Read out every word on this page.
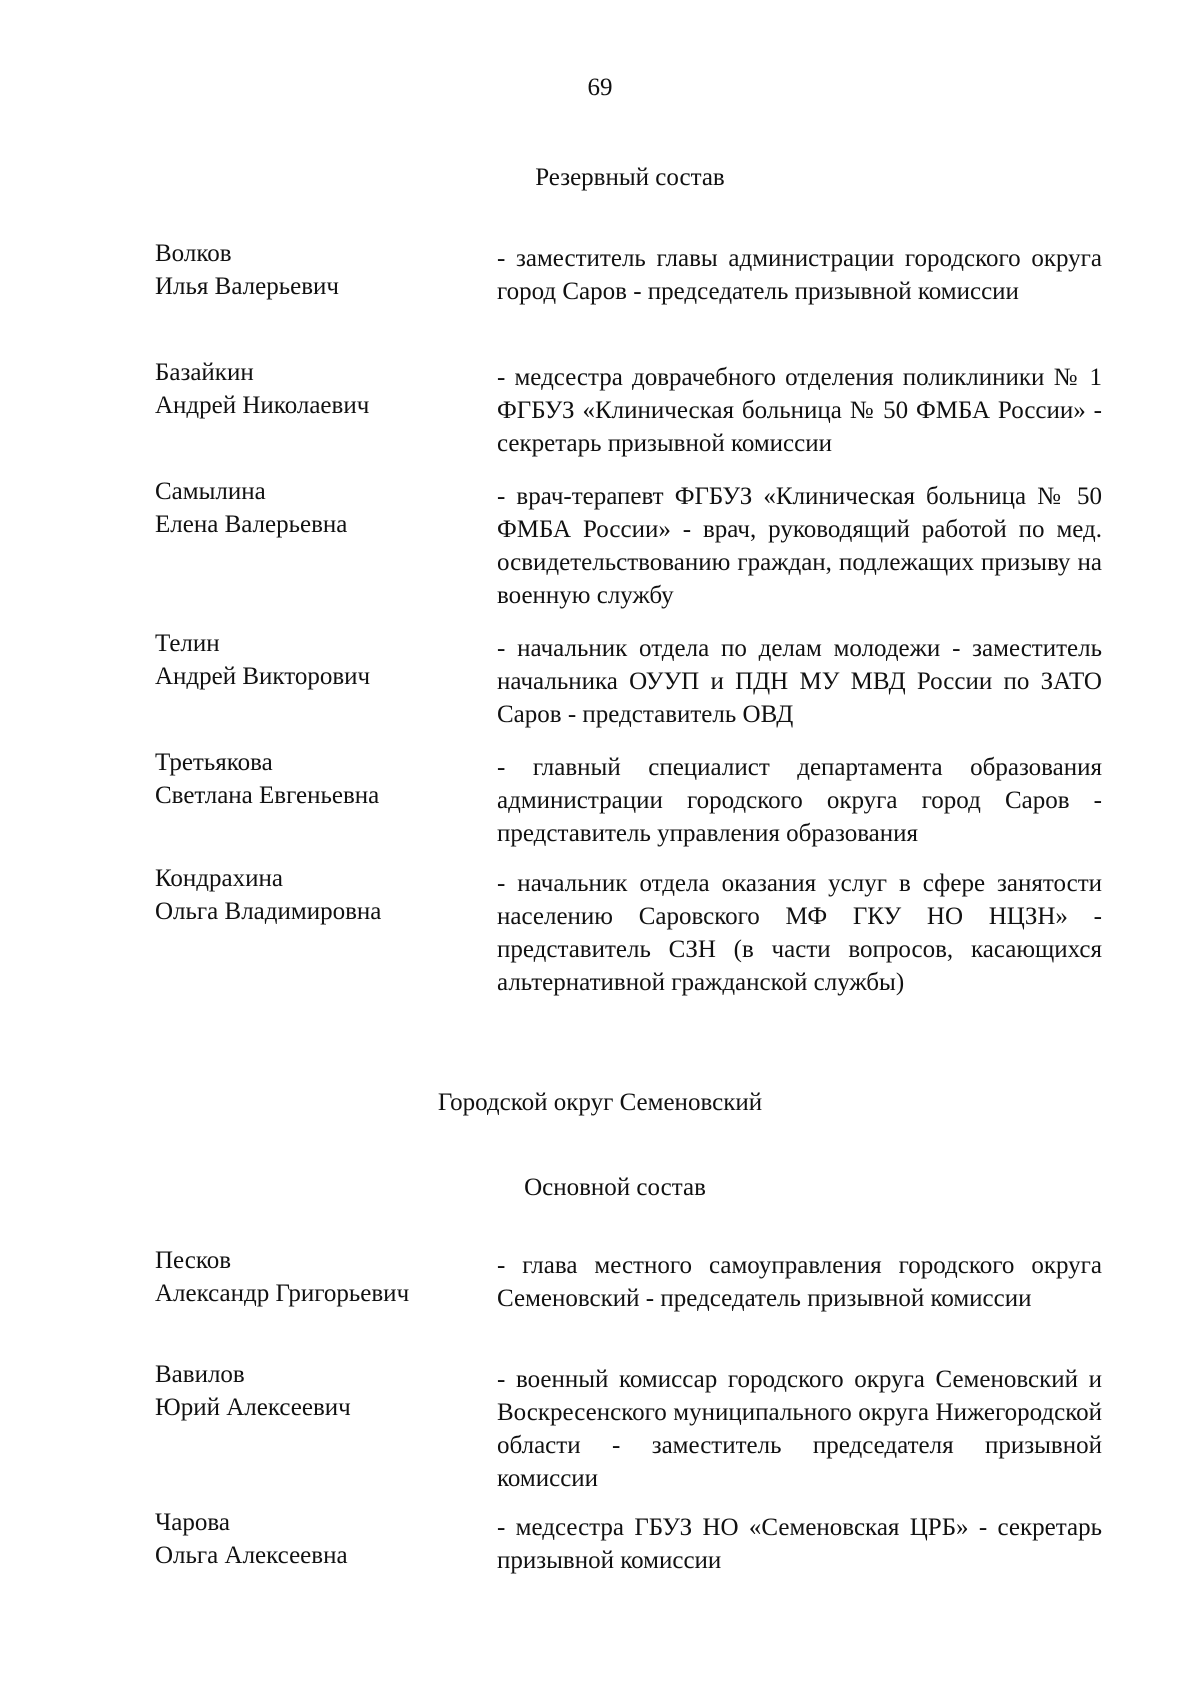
69
Резервный состав
Волков
Илья Валерьевич
- заместитель главы администрации городского округа город Саров - председатель призывной комиссии
Базайкин
Андрей Николаевич
- медсестра доврачебного отделения поликлиники № 1 ФГБУЗ «Клиническая больница № 50 ФМБА России» - секретарь призывной комиссии
Самылина
Елена Валерьевна
- врач-терапевт ФГБУЗ «Клиническая больница № 50 ФМБА России» - врач, руководящий работой по мед. освидетельствованию граждан, подлежащих призыву на военную службу
Телин
Андрей Викторович
- начальник отдела по делам молодежи - заместитель начальника ОУУП и ПДН МУ МВД России по ЗАТО Саров - представитель ОВД
Третьякова
Светлана Евгеньевна
- главный специалист департамента образования администрации городского округа город Саров - представитель управления образования
Кондрахина
Ольга Владимировна
- начальник отдела оказания услуг в сфере занятости населению Саровского МФ ГКУ НО НЦЗН» - представитель СЗН (в части вопросов, касающихся альтернативной гражданской службы)
Городской округ Семеновский
Основной состав
Песков
Александр Григорьевич
- глава местного самоуправления городского округа Семеновский - председатель призывной комиссии
Вавилов
Юрий Алексеевич
- военный комиссар городского округа Семеновский и Воскресенского муниципального округа Нижегородской области - заместитель председателя призывной комиссии
Чарова
Ольга Алексеевна
- медсестра ГБУЗ НО «Семеновская ЦРБ» - секретарь призывной комиссии
